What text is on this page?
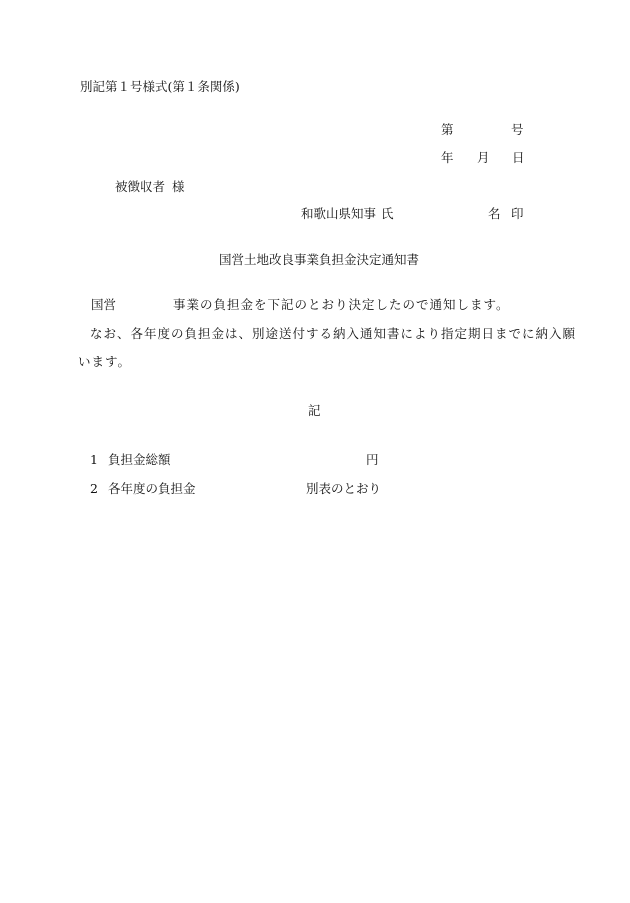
別記第１号様式(第１条関係)
第	号
年 月 日
被徴収者 様
和歌山県知事 氏	名 印
国営土地改良事業負担金決定通知書
国営	事業の負担金を下記のとおり決定したので通知します。
なお、各年度の負担金は、別途送付する納入通知書により指定期日までに納入願
います。
記
1 負担金総額	円
2 各年度の負担金	別表のとおり
